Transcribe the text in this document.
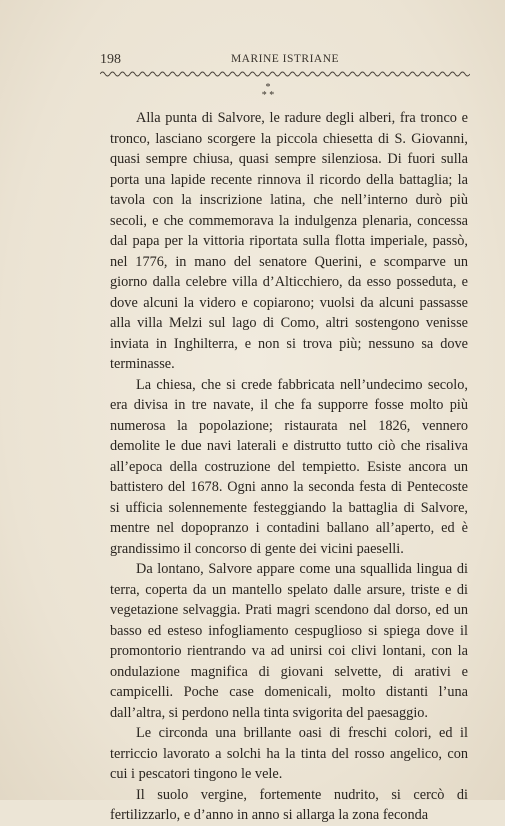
198	MARINE ISTRIANE
*
* *

Alla punta di Salvore, le radure degli alberi, fra tronco e tronco, lasciano scorgere la piccola chiesetta di S. Giovanni, quasi sempre chiusa, quasi sempre silenziosa. Di fuori sulla porta una lapide recente rinnova il ricordo della battaglia; la tavola con la inscrizione latina, che nell’interno durò più secoli, e che commemorava la indulgenza plenaria, concessa dal papa per la vittoria riportata sulla flotta imperiale, passò, nel 1776, in mano del senatore Querini, e scomparve un giorno dalla celebre villa d’Alticchiero, da esso posseduta, e dove alcuni la videro e copiarono; vuolsi da alcuni passasse alla villa Melzi sul lago di Como, altri sostengono venisse inviata in Inghilterra, e non si trova più; nessuno sa dove terminasse.

La chiesa, che si crede fabbricata nell’undecimo secolo, era divisa in tre navate, il che fa supporre fosse molto più numerosa la popolazione; ristaurata nel 1826, vennero demolite le due navi laterali e distrutto tutto ciò che risaliva all’epoca della costruzione del tempietto. Esiste ancora un battistero del 1678. Ogni anno la seconda festa di Pentecoste si ufficia solennemente festeggiando la battaglia di Salvore, mentre nel dopopranzo i contadini ballano all’aperto, ed è grandissimo il concorso di gente dei vicini paeselli.

Da lontano, Salvore appare come una squallida lingua di terra, coperta da un mantello spelato dalle arsure, triste e di vegetazione selvaggia. Prati magri scendono dal dorso, ed un basso ed esteso infogliamento cespuglioso si spiega dove il promontorio rientrando va ad unirsi coi clivi lontani, con la ondulazione magnifica di giovani selvette, di arativi e campicelli. Poche case domenicali, molto distanti l’una dall’altra, si perdono nella tinta svigorita del paesaggio.

Le circonda una brillante oasi di freschi colori, ed il terriccio lavorato a solchi ha la tinta del rosso angelico, con cui i pescatori tingono le vele.

Il suolo vergine, fortemente nudrito, si cercò di fertilizzarlo, e d’anno in anno si allarga la zona feconda
